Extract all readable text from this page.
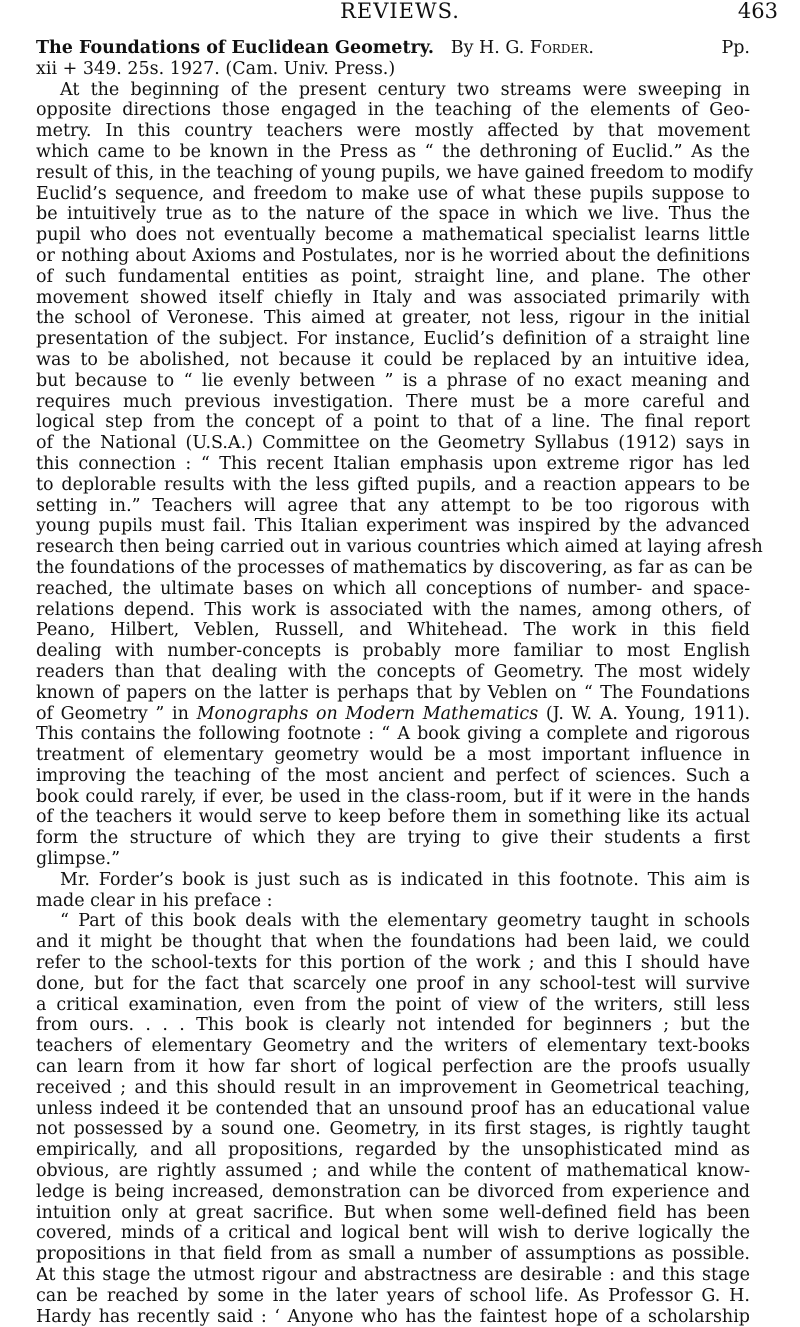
REVIEWS.	463
The Foundations of Euclidean Geometry. By H. G. Forder.	Pp.
xii + 349. 25s. 1927. (Cam. Univ. Press.)
At the beginning of the present century two streams were sweeping in
opposite directions those engaged in the teaching of the elements of Geo-
metry. In this country teachers were mostly affected by that movement
which came to be known in the Press as “ the dethroning of Euclid.” As the
result of this, in the teaching of young pupils, we have gained freedom to modify
Euclid’s sequence, and freedom to make use of what these pupils suppose to
be intuitively true as to the nature of the space in which we live. Thus the
pupil who does not eventually become a mathematical specialist learns little
or nothing about Axioms and Postulates, nor is he worried about the definitions
of such fundamental entities as point, straight line, and plane. The other
movement showed itself chiefly in Italy and was associated primarily with
the school of Veronese. This aimed at greater, not less, rigour in the initial
presentation of the subject. For instance, Euclid’s definition of a straight line
was to be abolished, not because it could be replaced by an intuitive idea,
but because to “ lie evenly between ” is a phrase of no exact meaning and
requires much previous investigation. There must be a more careful and
logical step from the concept of a point to that of a line. The final report
of the National (U.S.A.) Committee on the Geometry Syllabus (1912) says in
this connection : “ This recent Italian emphasis upon extreme rigor has led
to deplorable results with the less gifted pupils, and a reaction appears to be
setting in.” Teachers will agree that any attempt to be too rigorous with
young pupils must fail. This Italian experiment was inspired by the advanced
research then being carried out in various countries which aimed at laying afresh
the foundations of the processes of mathematics by discovering, as far as can be
reached, the ultimate bases on which all conceptions of number- and space-
relations depend. This work is associated with the names, among others, of
Peano, Hilbert, Veblen, Russell, and Whitehead. The work in this field
dealing with number-concepts is probably more familiar to most English
readers than that dealing with the concepts of Geometry. The most widely
known of papers on the latter is perhaps that by Veblen on “ The Foundations
of Geometry ” in Monographs on Modern Mathematics (J. W. A. Young, 1911).
This contains the following footnote : “ A book giving a complete and rigorous
treatment of elementary geometry would be a most important influence in
improving the teaching of the most ancient and perfect of sciences. Such a
book could rarely, if ever, be used in the class-room, but if it were in the hands
of the teachers it would serve to keep before them in something like its actual
form the structure of which they are trying to give their students a first
glimpse.”
Mr. Forder’s book is just such as is indicated in this footnote. This aim is
made clear in his preface :
“ Part of this book deals with the elementary geometry taught in schools
and it might be thought that when the foundations had been laid, we could
refer to the school-texts for this portion of the work ; and this I should have
done, but for the fact that scarcely one proof in any school-test will survive
a critical examination, even from the point of view of the writers, still less
from ours. . . . This book is clearly not intended for beginners ; but the
teachers of elementary Geometry and the writers of elementary text-books
can learn from it how far short of logical perfection are the proofs usually
received ; and this should result in an improvement in Geometrical teaching,
unless indeed it be contended that an unsound proof has an educational value
not possessed by a sound one. Geometry, in its first stages, is rightly taught
empirically, and all propositions, regarded by the unsophisticated mind as
obvious, are rightly assumed ; and while the content of mathematical know-
ledge is being increased, demonstration can be divorced from experience and
intuition only at great sacrifice. But when some well-defined field has been
covered, minds of a critical and logical bent will wish to derive logically the
propositions in that field from as small a number of assumptions as possible.
At this stage the utmost rigour and abstractness are desirable : and this stage
can be reached by some in the later years of school life. As Professor G. H.
Hardy has recently said : ‘ Anyone who has the faintest hope of a scholarship
